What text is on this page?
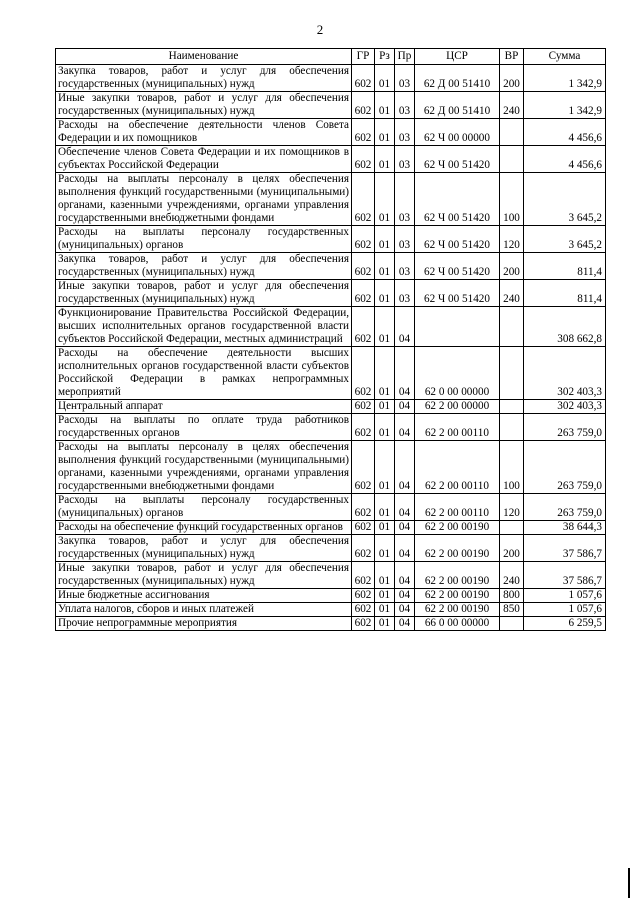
2
Наименование	ГР	Рз	Пр	ЦСР	ВР	Сумма
Закупка товаров, работ и услуг для обеспечения государственных (муниципальных) нужд	602	01	03	62 Д 00 51410	200	1 342,9
Иные закупки товаров, работ и услуг для обеспечения государственных (муниципальных) нужд	602	01	03	62 Д 00 51410	240	1 342,9
Расходы на обеспечение деятельности членов Совета Федерации и их помощников	602	01	03	62 Ч 00 00000		4 456,6
Обеспечение членов Совета Федерации и их помощников в субъектах Российской Федерации	602	01	03	62 Ч 00 51420		4 456,6
Расходы на выплаты персоналу в целях обеспечения выполнения функций государственными (муниципальными) органами, казенными учреждениями, органами управления государственными внебюджетными фондами	602	01	03	62 Ч 00 51420	100	3 645,2
Расходы на выплаты персоналу государственных (муниципальных) органов	602	01	03	62 Ч 00 51420	120	3 645,2
Закупка товаров, работ и услуг для обеспечения государственных (муниципальных) нужд	602	01	03	62 Ч 00 51420	200	811,4
Иные закупки товаров, работ и услуг для обеспечения государственных (муниципальных) нужд	602	01	03	62 Ч 00 51420	240	811,4
Функционирование Правительства Российской Федерации, высших исполнительных органов государственной власти субъектов Российской Федерации, местных администраций	602	01	04			308 662,8
Расходы на обеспечение деятельности высших исполнительных органов государственной власти субъектов Российской Федерации в рамках непрограммных мероприятий	602	01	04	62 0 00 00000		302 403,3
Центральный аппарат	602	01	04	62 2 00 00000		302 403,3
Расходы на выплаты по оплате труда работников государственных органов	602	01	04	62 2 00 00110		263 759,0
Расходы на выплаты персоналу в целях обеспечения выполнения функций государственными (муниципальными) органами, казенными учреждениями, органами управления государственными внебюджетными фондами	602	01	04	62 2 00 00110	100	263 759,0
Расходы на выплаты персоналу государственных (муниципальных) органов	602	01	04	62 2 00 00110	120	263 759,0
Расходы на обеспечение функций государственных органов	602	01	04	62 2 00 00190		38 644,3
Закупка товаров, работ и услуг для обеспечения государственных (муниципальных) нужд	602	01	04	62 2 00 00190	200	37 586,7
Иные закупки товаров, работ и услуг для обеспечения государственных (муниципальных) нужд	602	01	04	62 2 00 00190	240	37 586,7
Иные бюджетные ассигнования	602	01	04	62 2 00 00190	800	1 057,6
Уплата налогов, сборов и иных платежей	602	01	04	62 2 00 00190	850	1 057,6
Прочие непрограммные мероприятия	602	01	04	66 0 00 00000		6 259,5
